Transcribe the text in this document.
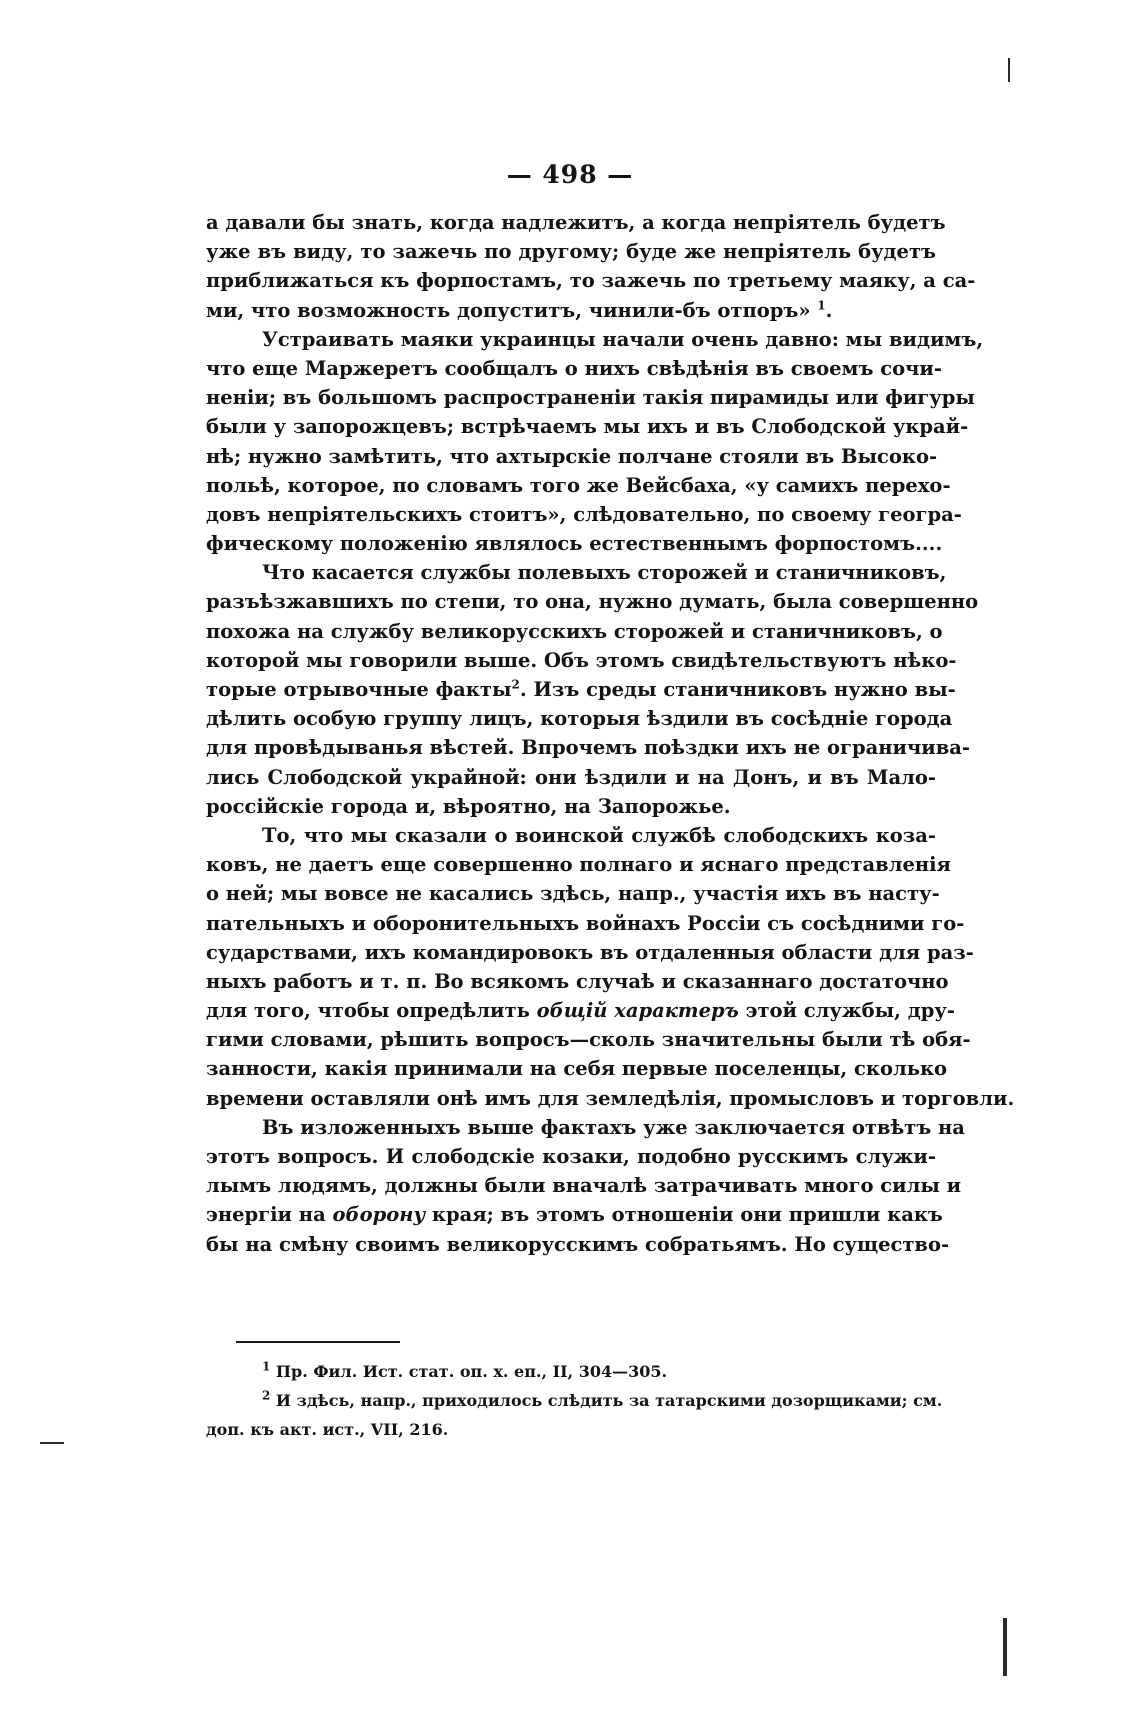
— 498 —
а давали бы знать, когда надлежитъ, а когда непріятель будетъ
уже въ виду, то зажечь по другому; буде же непріятель будетъ
приближаться къ форпостамъ, то зажечь по третьему маяку, а са-
ми, что возможность допуститъ, чинили-бъ отпоръ» $^1$.
Устраивать маяки украинцы начали очень давно: мы видимъ,
что еще Маржеретъ сообщалъ о нихъ свѣдѣнія въ своемъ сочи-
неніи; въ большомъ распространеніи такія пирамиды или фигуры
были у запорожцевъ; встрѣчаемъ мы ихъ и въ Слободской украй-
нѣ; нужно замѣтить, что ахтырскіе полчане стояли въ Высоко-
польѣ, которое, по словамъ того же Вейсбаха, «у самихъ перехо-
довъ непріятельскихъ стоитъ», слѣдовательно, по своему геогра-
фическому положенію являлось естественнымъ форпостомъ....
Что касается службы полевыхъ сторожей и станичниковъ,
разъѣзжавшихъ по степи, то она, нужно думать, была совершенно
похожа на службу великорусскихъ сторожей и станичниковъ, о
которой мы говорили выше. Объ этомъ свидѣтельствуютъ нѣко-
торые отрывочные факты$^2$. Изъ среды станичниковъ нужно вы-
дѣлить особую группу лицъ, которыя ѣздили въ сосѣдніе города
для провѣдыванья вѣстей. Впрочемъ поѣздки ихъ не ограничива-
лись Слободской украйной: они ѣздили и на Донъ, и въ Мало-
россійскіе города и, вѣроятно, на Запорожье.
То, что мы сказали о воинской службѣ слободскихъ коза-
ковъ, не даетъ еще совершенно полнаго и яснаго представленія
о ней; мы вовсе не касались здѣсь, напр., участія ихъ въ насту-
пательныхъ и оборонительныхъ войнахъ Россіи съ сосѣдними го-
сударствами, ихъ командировокъ въ отдаленныя области для раз-
ныхъ работъ и т. п. Во всякомъ случаѣ и сказаннаго достаточно
для того, чтобы опредѣлить общій характеръ этой службы, дру-
гими словами, рѣшить вопросъ—сколь значительны были тѣ обя-
занности, какія принимали на себя первые поселенцы, сколько
времени оставляли онѣ имъ для земледѣлія, промысловъ и торговли.
Въ изложенныхъ выше фактахъ уже заключается отвѣтъ на
этотъ вопросъ. И слободскіе козаки, подобно русскимъ служи-
лымъ людямъ, должны были вначалѣ затрачивать много силы и
энергіи на оборону края; въ этомъ отношеніи они пришли какъ
бы на смѣну своимъ великорусскимъ собратьямъ. Но существо-
$^1$ Пр. Фил. Ист. стат. оп. х. еп., II, 304—305.
$^2$ И здѣсь, напр., приходилось слѣдить за татарскими дозорщиками; см.
доп. къ акт. ист., VII, 216.
